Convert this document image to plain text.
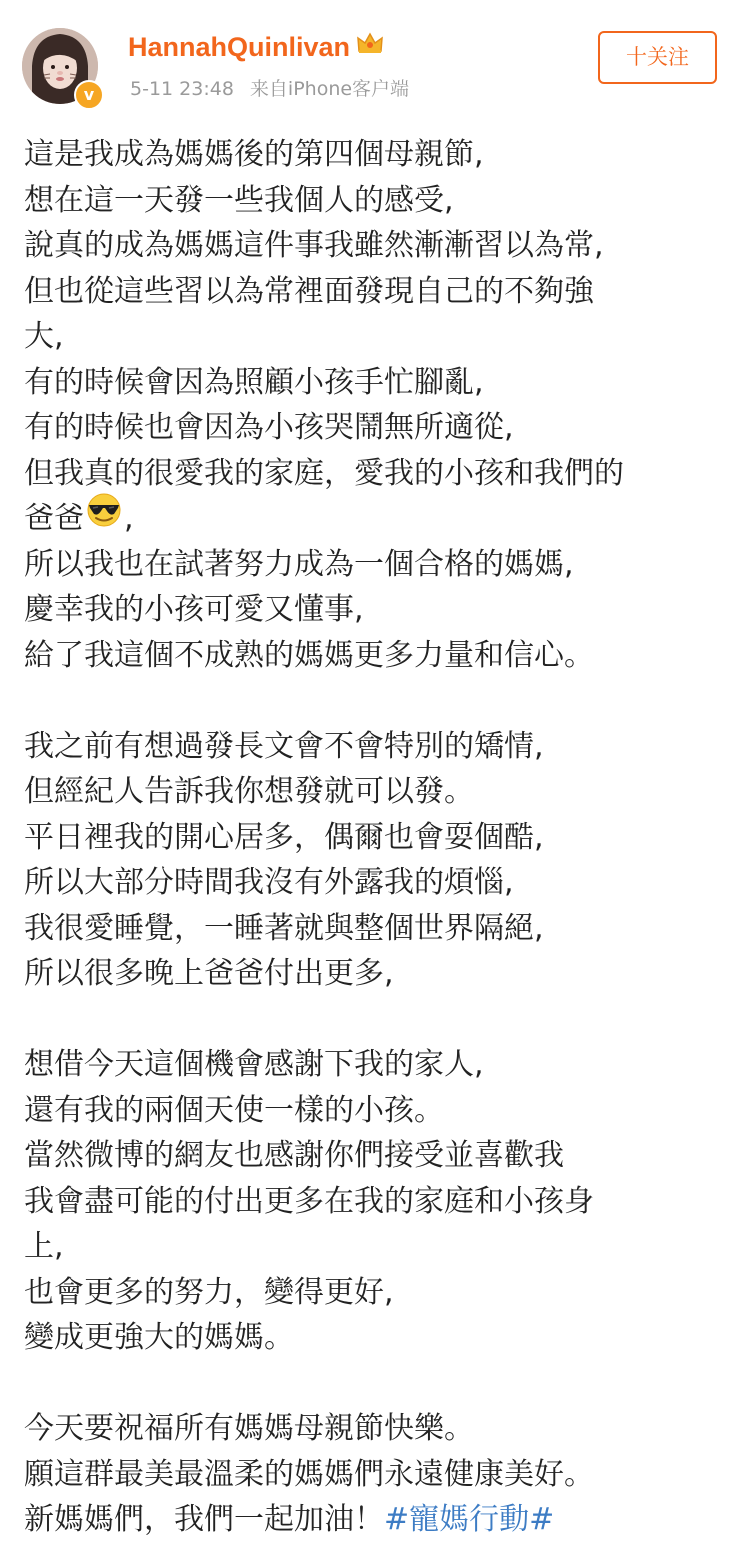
v
HannahQuinlivan
5-11 23:48 来自iPhone客户端
十关注
這是我成為媽媽後的第四個母親節,
想在這一天發一些我個人的感受,
說真的成為媽媽這件事我雖然漸漸習以為常,
但也從這些習以為常裡面發現自己的不夠強
大,
有的時候會因為照顧小孩手忙腳亂,
有的時候也會因為小孩哭鬧無所適從,
但我真的很愛我的家庭，愛我的小孩和我們的
爸爸 ,
所以我也在試著努力成為一個合格的媽媽,
慶幸我的小孩可愛又懂事,
給了我這個不成熟的媽媽更多力量和信心。
我之前有想過發長文會不會特別的矯情,
但經紀人告訴我你想發就可以發。
平日裡我的開心居多，偶爾也會耍個酷,
所以大部分時間我沒有外露我的煩惱,
我很愛睡覺，一睡著就與整個世界隔絕,
所以很多晚上爸爸付出更多,
想借今天這個機會感謝下我的家人,
還有我的兩個天使一樣的小孩。
當然微博的網友也感謝你們接受並喜歡我
我會盡可能的付出更多在我的家庭和小孩身
上,
也會更多的努力，變得更好,
變成更強大的媽媽。
今天要祝福所有媽媽母親節快樂。
願這群最美最溫柔的媽媽們永遠健康美好。
新媽媽們，我們一起加油！#寵媽行動#
